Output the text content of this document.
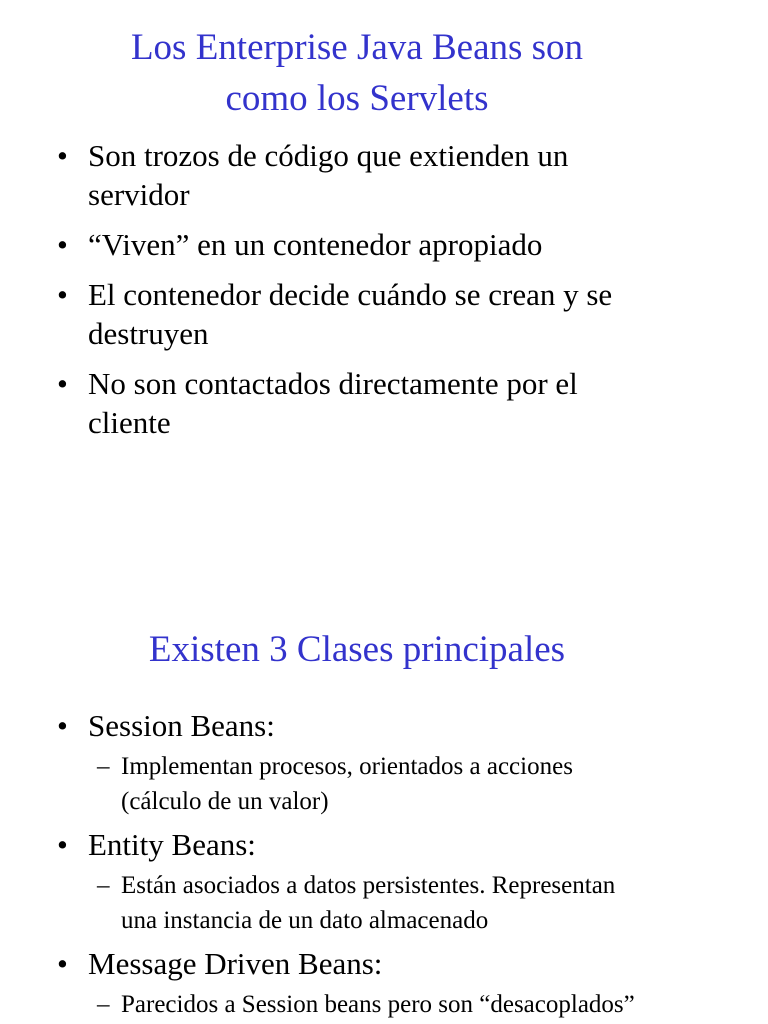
Los Enterprise Java Beans son
como los Servlets
• Son trozos de código que extienden un
servidor
• “Viven” en un contenedor apropiado
• El contenedor decide cuándo se crean y se
destruyen
• No son contactados directamente por el
cliente
Existen 3 Clases principales
• Session Beans:
– Implementan procesos, orientados a acciones
(cálculo de un valor)
• Entity Beans:
– Están asociados a datos persistentes. Representan
una instancia de un dato almacenado
• Message Driven Beans:
– Parecidos a Session beans pero son “desacoplados”
